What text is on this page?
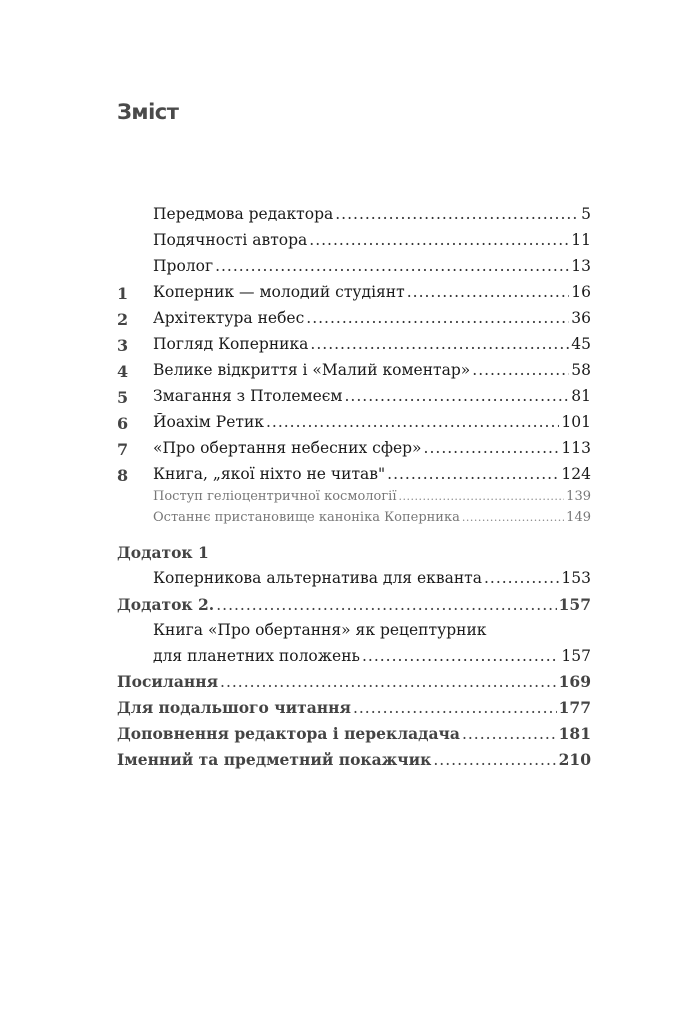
Зміст
Передмова редактора .....	5
Подячності автора .....	11
Пролог .....	13
1 Коперник — молодий студіянт .....	16
2 Архітектура небес .....	36
3 Погляд Коперника .....	45
4 Велике відкриття і «Малий коментар» .....	58
5 Змагання з Птолемеєм .....	81
6 Йоахім Ретик .....	101
7 «Про обертання небесних сфер» .....	113
8 Книга, „якої ніхто не читав" .....	124
Поступ геліоцентричної космології .....	139
Останнє пристановище каноніка Коперника .....	149
Додаток 1
Коперникова альтернатива для екванта .....	153
Додаток 2. .....	157
Книга «Про обертання» як рецептурник
для планетних положень .....	157
Посилання .....	169
Для подальшого читання .....	177
Доповнення редактора і перекладача .....	181
Іменний та предметний покажчик .....	210
